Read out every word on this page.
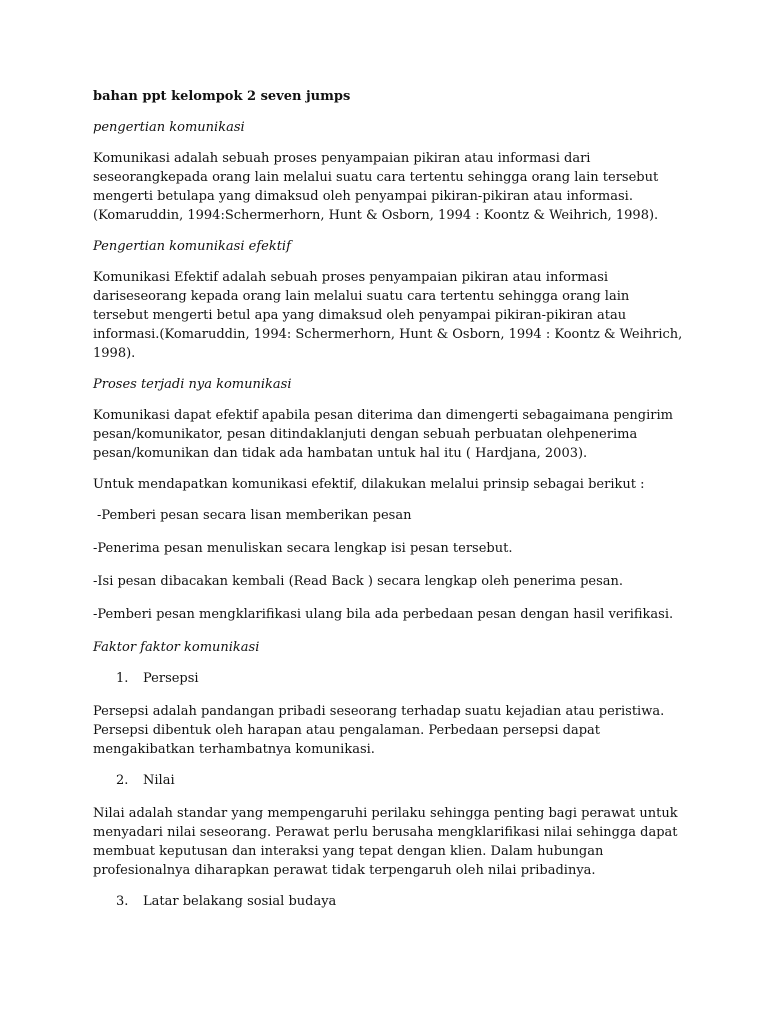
bahan ppt kelompok 2 seven jumps

pengertian komunikasi

Komunikasi adalah sebuah proses penyampaian pikiran atau informasi dari seseorangkepada orang lain melalui suatu cara tertentu sehingga orang lain tersebut mengerti betulapa yang dimaksud oleh penyampai pikiran-pikiran atau informasi. (Komaruddin, 1994:Schermerhorn, Hunt & Osborn, 1994 : Koontz & Weihrich, 1998).

Pengertian komunikasi efektif

Komunikasi Efektif adalah sebuah proses penyampaian pikiran atau informasi dariseseorang kepada orang lain melalui suatu cara tertentu sehingga orang lain tersebut mengerti betul apa yang dimaksud oleh penyampai pikiran-pikiran atau informasi.(Komaruddin, 1994: Schermerhorn, Hunt & Osborn, 1994 : Koontz & Weihrich, 1998).

Proses terjadi nya komunikasi

Komunikasi dapat efektif apabila pesan diterima dan dimengerti sebagaimana pengirim pesan/komunikator, pesan ditindaklanjuti dengan sebuah perbuatan olehpenerima pesan/komunikan dan tidak ada hambatan untuk hal itu ( Hardjana, 2003).

Untuk mendapatkan komunikasi efektif, dilakukan melalui prinsip sebagai berikut :

-Pemberi pesan secara lisan memberikan pesan

-Penerima pesan menuliskan secara lengkap isi pesan tersebut.

-Isi pesan dibacakan kembali (Read Back ) secara lengkap oleh penerima pesan.

-Pemberi pesan mengklarifikasi ulang bila ada perbedaan pesan dengan hasil verifikasi.

Faktor faktor komunikasi

1.	Persepsi

Persepsi adalah pandangan pribadi seseorang terhadap suatu kejadian atau peristiwa. Persepsi dibentuk oleh harapan atau pengalaman. Perbedaan persepsi dapat mengakibatkan terhambatnya komunikasi.

2.	Nilai

Nilai adalah standar yang mempengaruhi perilaku sehingga penting bagi perawat untuk menyadari nilai seseorang. Perawat perlu berusaha mengklarifikasi nilai sehingga dapat membuat keputusan dan interaksi yang tepat dengan klien. Dalam hubungan profesionalnya diharapkan perawat tidak terpengaruh oleh nilai pribadinya.

3.	Latar belakang sosial budaya
